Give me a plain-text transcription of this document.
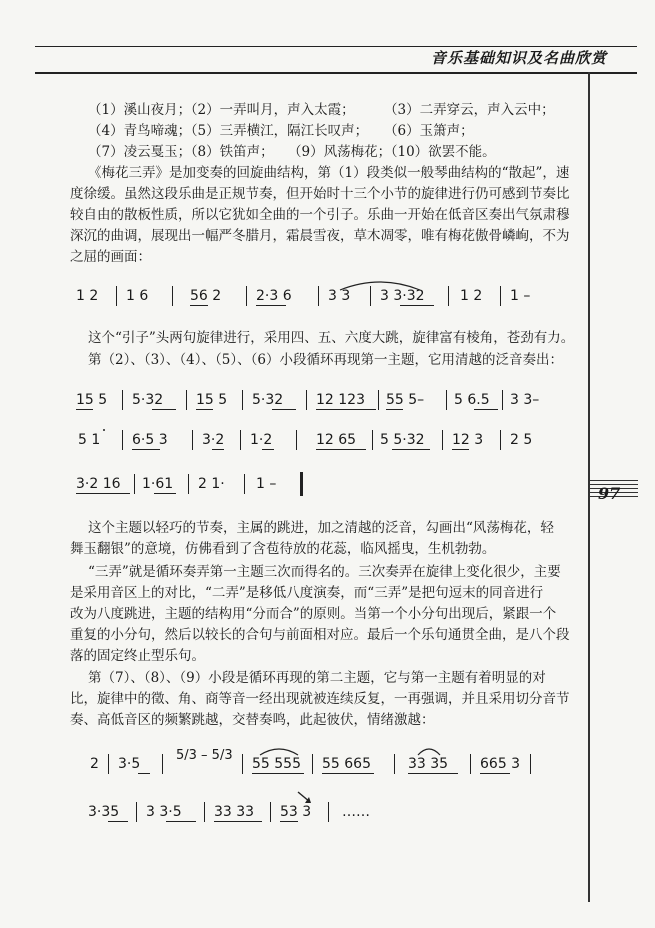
音乐基础知识及名曲欣赏
97
（1）溪山夜月；
（2）一弄叫月，声入太霞； （3）二弄穿云，声入云中；
（4）青鸟啼魂；
（5）三弄横江，隔江长叹声； （6）玉箫声；
（7）凌云戛玉；
（8）铁笛声； （9）风荡梅花；
（10）欲罢不能。
《梅花三弄》是加变奏的回旋曲结构，第（1）段类似一般琴曲结构的“散起”，速
度徐缓。虽然这段乐曲是正规节奏，但开始时十三个小节的旋律进行仍可感到节奏比
较自由的散板性质，所以它犹如全曲的一个引子。乐曲一开始在低音区奏出气氛肃穆
深沉的曲调，展现出一幅严冬腊月，霜晨雪夜，草木凋零，唯有梅花傲骨嶙峋，不为
之屈的画面：
1 2 1 6	56 2 2·3 6	3 3 3 3·32	1 2 1 –
这个“引子”头两句旋律进行，采用四、五、六度大跳，旋律富有棱角，苍劲有力。
第（2）、（3）、（4）、（5）、（6）小段循环再现第一主题，它用清越的泛音奏出：
15 5 5·32 15 5 5·32 12 123 55 5– 5 6.5 3 3–
5 1 6·5 3 3·2 1·2	12 65 5 5·32 12 3 2 5
3·2 16 1·61 2 1· 1 –
这个主题以轻巧的节奏，主属的跳进，加之清越的泛音，勾画出“风荡梅花，轻
舞玉翻银”的意境，仿佛看到了含苞待放的花蕊，临风摇曳，生机勃勃。
“三弄”就是循环奏弄第一主题三次而得名的。三次奏弄在旋律上变化很少，主要
是采用音区上的对比，“二弄”是移低八度演奏，而“三弄”是把句逗末的同音进行
改为八度跳进，主题的结构用“分而合”的原则。当第一个小分句出现后，紧跟一个
重复的小分句，然后以较长的合句与前面相对应。最后一个乐句通贯全曲，是八个段
落的固定终止型乐句。
第（7）、（8）、（9）小段是循环再现的第二主题，它与第一主题有着明显的对
比，旋律中的徵、角、商等音一经出现就被连续反复，一再强调，并且采用切分音节
奏、高低音区的频繁跳越，交替奏鸣，此起彼伏，情绪激越：
2 3·5
5/3 – 5/3
55 555 55 665	33 35 665 3
3·35 3 3·5 33 33 53 3 ……
